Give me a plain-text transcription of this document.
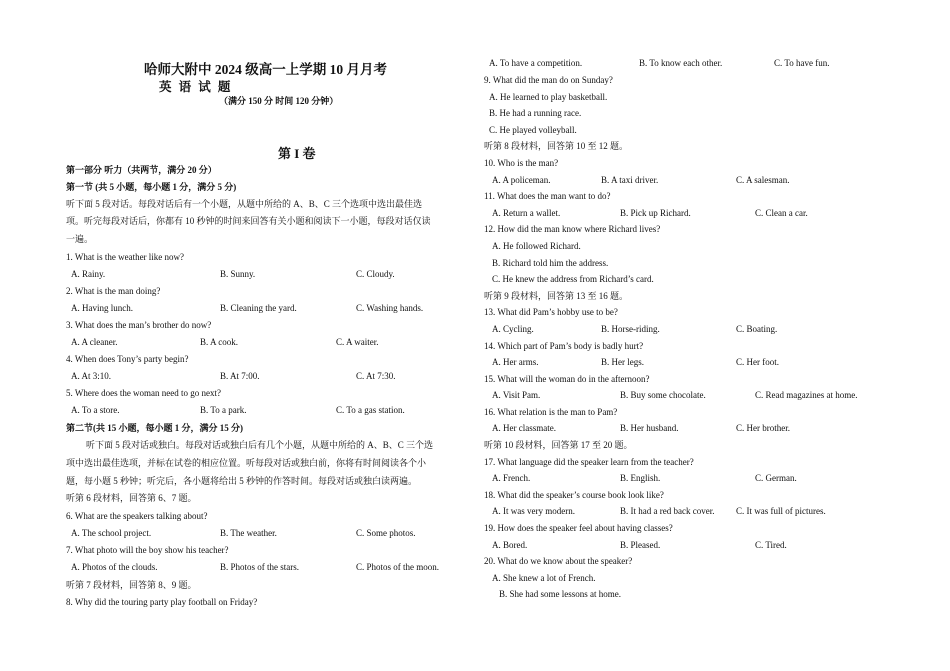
哈师大附中 2024 级高一上学期 10 月月考
英 语 试 题
（满分 150 分 时间 120 分钟）
第 I 卷
第一部分 听力（共两节，满分 20 分）
第一节 (共 5 小题，每小题 1 分，满分 5 分)
听下面 5 段对话。每段对话后有一个小题，从题中所给的 A、B、C 三个选项中选出最佳选
项。听完每段对话后，你都有 10 秒钟的时间来回答有关小题和阅读下一小题，每段对话仅读
一遍。
1. What is the weather like now?
A. Rainy.	B. Sunny.	C. Cloudy.
2. What is the man doing?
A. Having lunch.	B. Cleaning the yard.	C. Washing hands.
3. What does the man’s brother do now?
A. A cleaner.	B. A cook.	C. A waiter.
4. When does Tony’s party begin?
A. At 3:10.	B. At 7:00.	C. At 7:30.
5. Where does the woman need to go next?
A. To a store.	B. To a park.	C. To a gas station.
第二节(共 15 小题，每小题 1 分，满分 15 分)
听下面 5 段对话或独白。每段对话或独白后有几个小题，从题中所给的 A、B、C 三个选
项中选出最佳选项，并标在试卷的相应位置。听每段对话或独白前，你将有时间阅读各个小
题，每小题 5 秒钟；听完后，各小题将给出 5 秒钟的作答时间。每段对话或独白读两遍。
听第 6 段材料，回答第 6、7 题。
6. What are the speakers talking about?
A. The school project.	B. The weather.	C. Some photos.
7. What photo will the boy show his teacher?
A. Photos of the clouds.	B. Photos of the stars.	C. Photos of the moon.
听第 7 段材料，回答第 8、9 题。
8. Why did the touring party play football on Friday?
A. To have a competition.	B. To know each other.	C. To have fun.
9. What did the man do on Sunday?
A. He learned to play basketball.
B. He had a running race.
C. He played volleyball.
听第 8 段材料，回答第 10 至 12 题。
10. Who is the man?
A. A policeman.	B. A taxi driver.	C. A salesman.
11. What does the man want to do?
A. Return a wallet.	B. Pick up Richard.	C. Clean a car.
12. How did the man know where Richard lives?
A. He followed Richard.
B. Richard told him the address.
C. He knew the address from Richard’s card.
听第 9 段材料，回答第 13 至 16 题。
13. What did Pam’s hobby use to be?
A. Cycling.	B. Horse-riding.	C. Boating.
14. Which part of Pam’s body is badly hurt?
A. Her arms.	B. Her legs.	C. Her foot.
15. What will the woman do in the afternoon?
A. Visit Pam.	B. Buy some chocolate.	C. Read magazines at home.
16. What relation is the man to Pam?
A. Her classmate.	B. Her husband.	C. Her brother.
听第 10 段材料，回答第 17 至 20 题。
17. What language did the speaker learn from the teacher?
A. French.	B. English.	C. German.
18. What did the speaker’s course book look like?
A. It was very modern.	B. It had a red back cover. C. It was full of pictures.
19. How does the speaker feel about having classes?
A. Bored.	B. Pleased.	C. Tired.
20. What do we know about the speaker?
A. She knew a lot of French.
B. She had some lessons at home.
